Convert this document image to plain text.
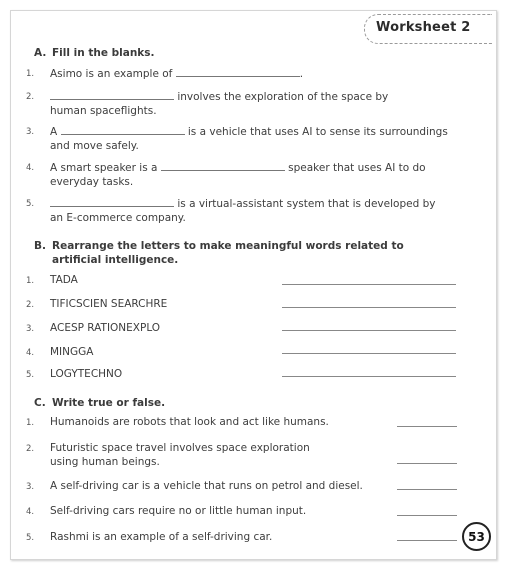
Worksheet 2
A. Fill in the blanks.
1. Asimo is an example of	.
2.	involves the exploration of the space by human spaceflights.
3. A	is a vehicle that uses AI to sense its surroundings and move safely.
4. A smart speaker is a	speaker that uses AI to do everyday tasks.
5.	is a virtual-assistant system that is developed by an E-commerce company.
B. Rearrange the letters to make meaningful words related to
artificial intelligence.
1. TADA
2. TIFICSCIEN SEARCHRE
3. ACESP RATIONEXPLO
4. MINGGA
5. LOGYTECHNO
C. Write true or false.
1. Humanoids are robots that look and act like humans.
2. Futuristic space travel involves space exploration using human beings.
3. A self-driving car is a vehicle that runs on petrol and diesel.
4. Self-driving cars require no or little human input.
5. Rashmi is an example of a self-driving car.	53
